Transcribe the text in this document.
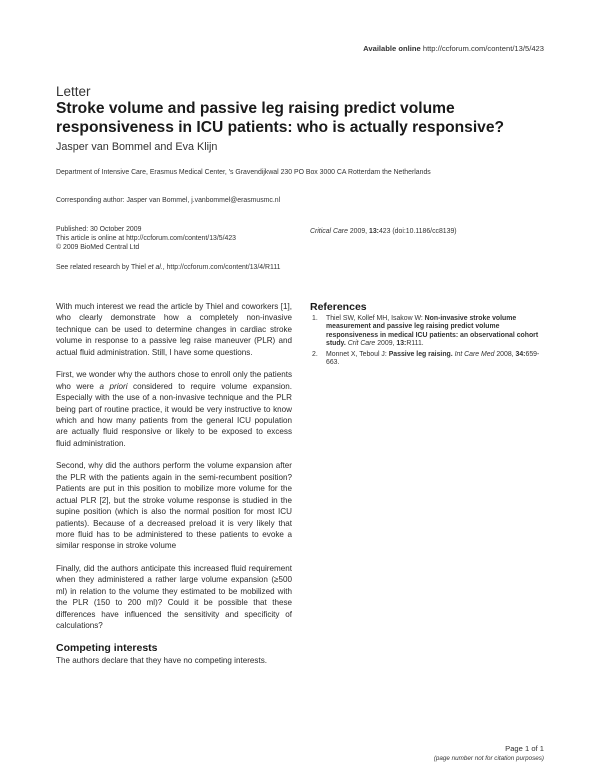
Available online http://ccforum.com/content/13/5/423
Letter
Stroke volume and passive leg raising predict volume responsiveness in ICU patients: who is actually responsive?
Jasper van Bommel and Eva Klijn
Department of Intensive Care, Erasmus Medical Center, 's Gravendijkwal 230 PO Box 3000 CA Rotterdam the Netherlands
Corresponding author: Jasper van Bommel, j.vanbommel@erasmusmc.nl
Published: 30 October 2009
This article is online at http://ccforum.com/content/13/5/423
© 2009 BioMed Central Ltd
Critical Care 2009, 13:423 (doi:10.1186/cc8139)
See related research by Thiel et al., http://ccforum.com/content/13/4/R111

With much interest we read the article by Thiel and coworkers [1], who clearly demonstrate how a completely non-invasive technique can be used to determine changes in cardiac stroke volume in response to a passive leg raise maneuver (PLR) and actual fluid administration. Still, I have some questions.

First, we wonder why the authors chose to enroll only the patients who were a priori considered to require volume expansion. Especially with the use of a non-invasive technique and the PLR being part of routine practice, it would be very instructive to know which and how many patients from the general ICU population are actually fluid responsive or likely to be exposed to excess fluid administration.

Second, why did the authors perform the volume expansion after the PLR with the patients again in the semi-recumbent position? Patients are put in this position to mobilize more volume for the actual PLR [2], but the stroke volume response is studied in the supine position (which is also the normal position for most ICU patients). Because of a decreased preload it is very likely that more fluid has to be administered to these patients to evoke a similar response in stroke volume

Finally, did the authors anticipate this increased fluid requirement when they administered a rather large volume expansion (≥500 ml) in relation to the volume they estimated to be mobilized with the PLR (150 to 200 ml)? Could it be possible that these differences have influenced the sensitivity and specificity of calculations?

Competing interests
The authors declare that they have no competing interests.
References
1. Thiel SW, Kollef MH, Isakow W: Non-invasive stroke volume measurement and passive leg raising predict volume responsiveness in medical ICU patients: an observational cohort study. Crit Care 2009, 13:R111.
2. Monnet X, Teboul J: Passive leg raising. Int Care Med 2008, 34:659-663.
Page 1 of 1
(page number not for citation purposes)
